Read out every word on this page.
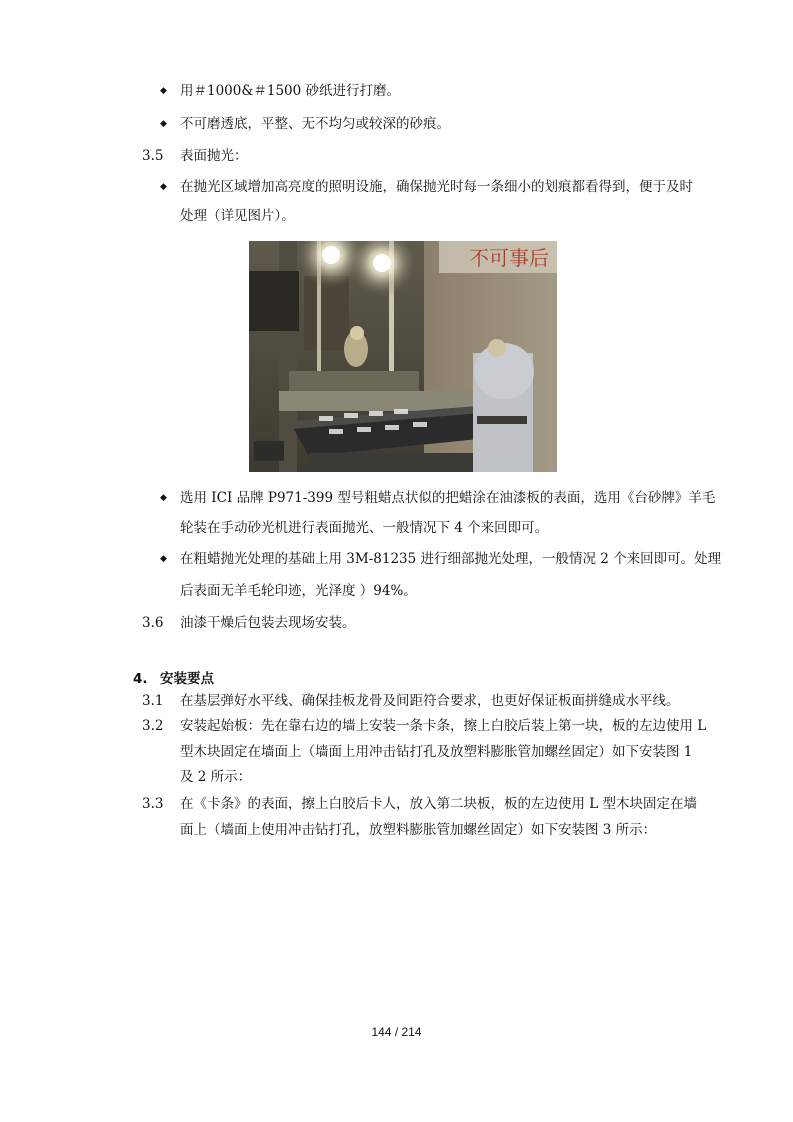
◆ 用＃1000&＃1500 砂纸进行打磨。
◆ 不可磨透底，平整、无不均匀或较深的砂痕。
3.5 表面抛光：
◆ 在抛光区域增加高亮度的照明设施，确保抛光时每一条细小的划痕都看得到，便于及时
处理（详见图片）。
不可事后
◆ 选用 ICI 品牌 P971-399 型号粗蜡点状似的把蜡涂在油漆板的表面，选用《台砂牌》羊毛
轮装在手动砂光机进行表面抛光、一般情况下 4 个来回即可。
◆ 在粗蜡抛光处理的基础上用 3M-81235 进行细部抛光处理，一般情况 2 个来回即可。处理
后表面无羊毛轮印迹，光泽度 ）94%。
3.6 油漆干燥后包装去现场安装。
4. 安装要点
3.1 在基层弹好水平线、确保挂板龙骨及间距符合要求，也更好保证板面拼缝成水平线。
3.2 安装起始板：先在靠右边的墙上安装一条卡条，擦上白胶后装上第一块，板的左边使用 L
型木块固定在墙面上（墙面上用冲击钻打孔及放塑料膨胀管加螺丝固定）如下安装图 1
及 2 所示：
3.3 在《卡条》的表面，擦上白胶后卡人，放入第二块板，板的左边使用 L 型木块固定在墙
面上（墙面上使用冲击钻打孔，放塑料膨胀管加螺丝固定）如下安装图 3 所示：
144 / 214
